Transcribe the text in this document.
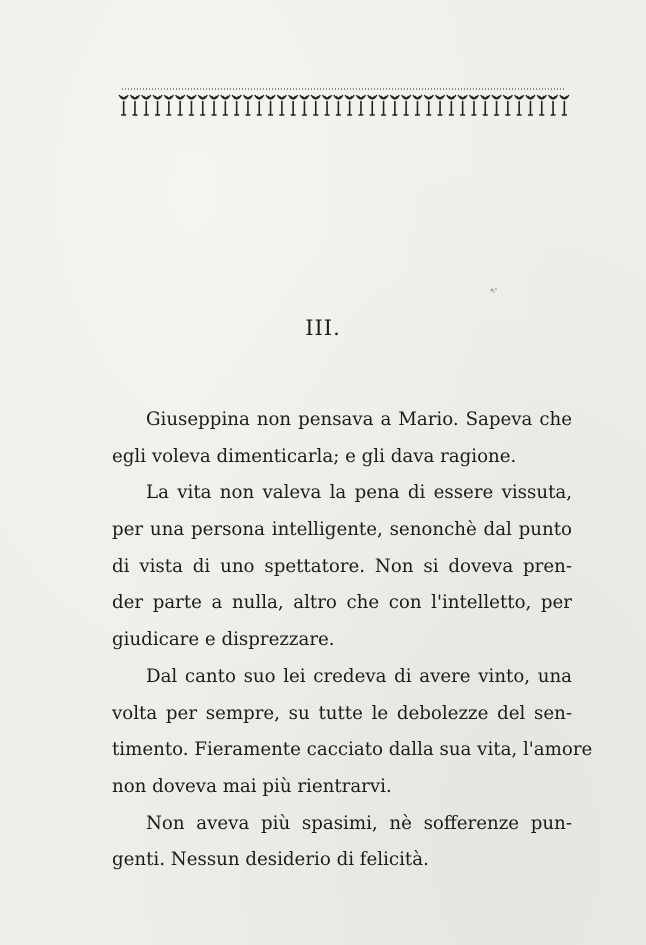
III.

Giuseppina non pensava a Mario. Sapeva che
egli voleva dimenticarla; e gli dava ragione.

La vita non valeva la pena di essere vissuta,
per una persona intelligente, senonchè dal punto
di vista di uno spettatore. Non si doveva pren-
der parte a nulla, altro che con l'intelletto, per
giudicare e disprezzare.

Dal canto suo lei credeva di avere vinto, una
volta per sempre, su tutte le debolezze del sen-
timento. Fieramente cacciato dalla sua vita, l'amore
non doveva mai più rientrarvi.

Non aveva più spasimi, nè sofferenze pun-
genti. Nessun desiderio di felicità.
